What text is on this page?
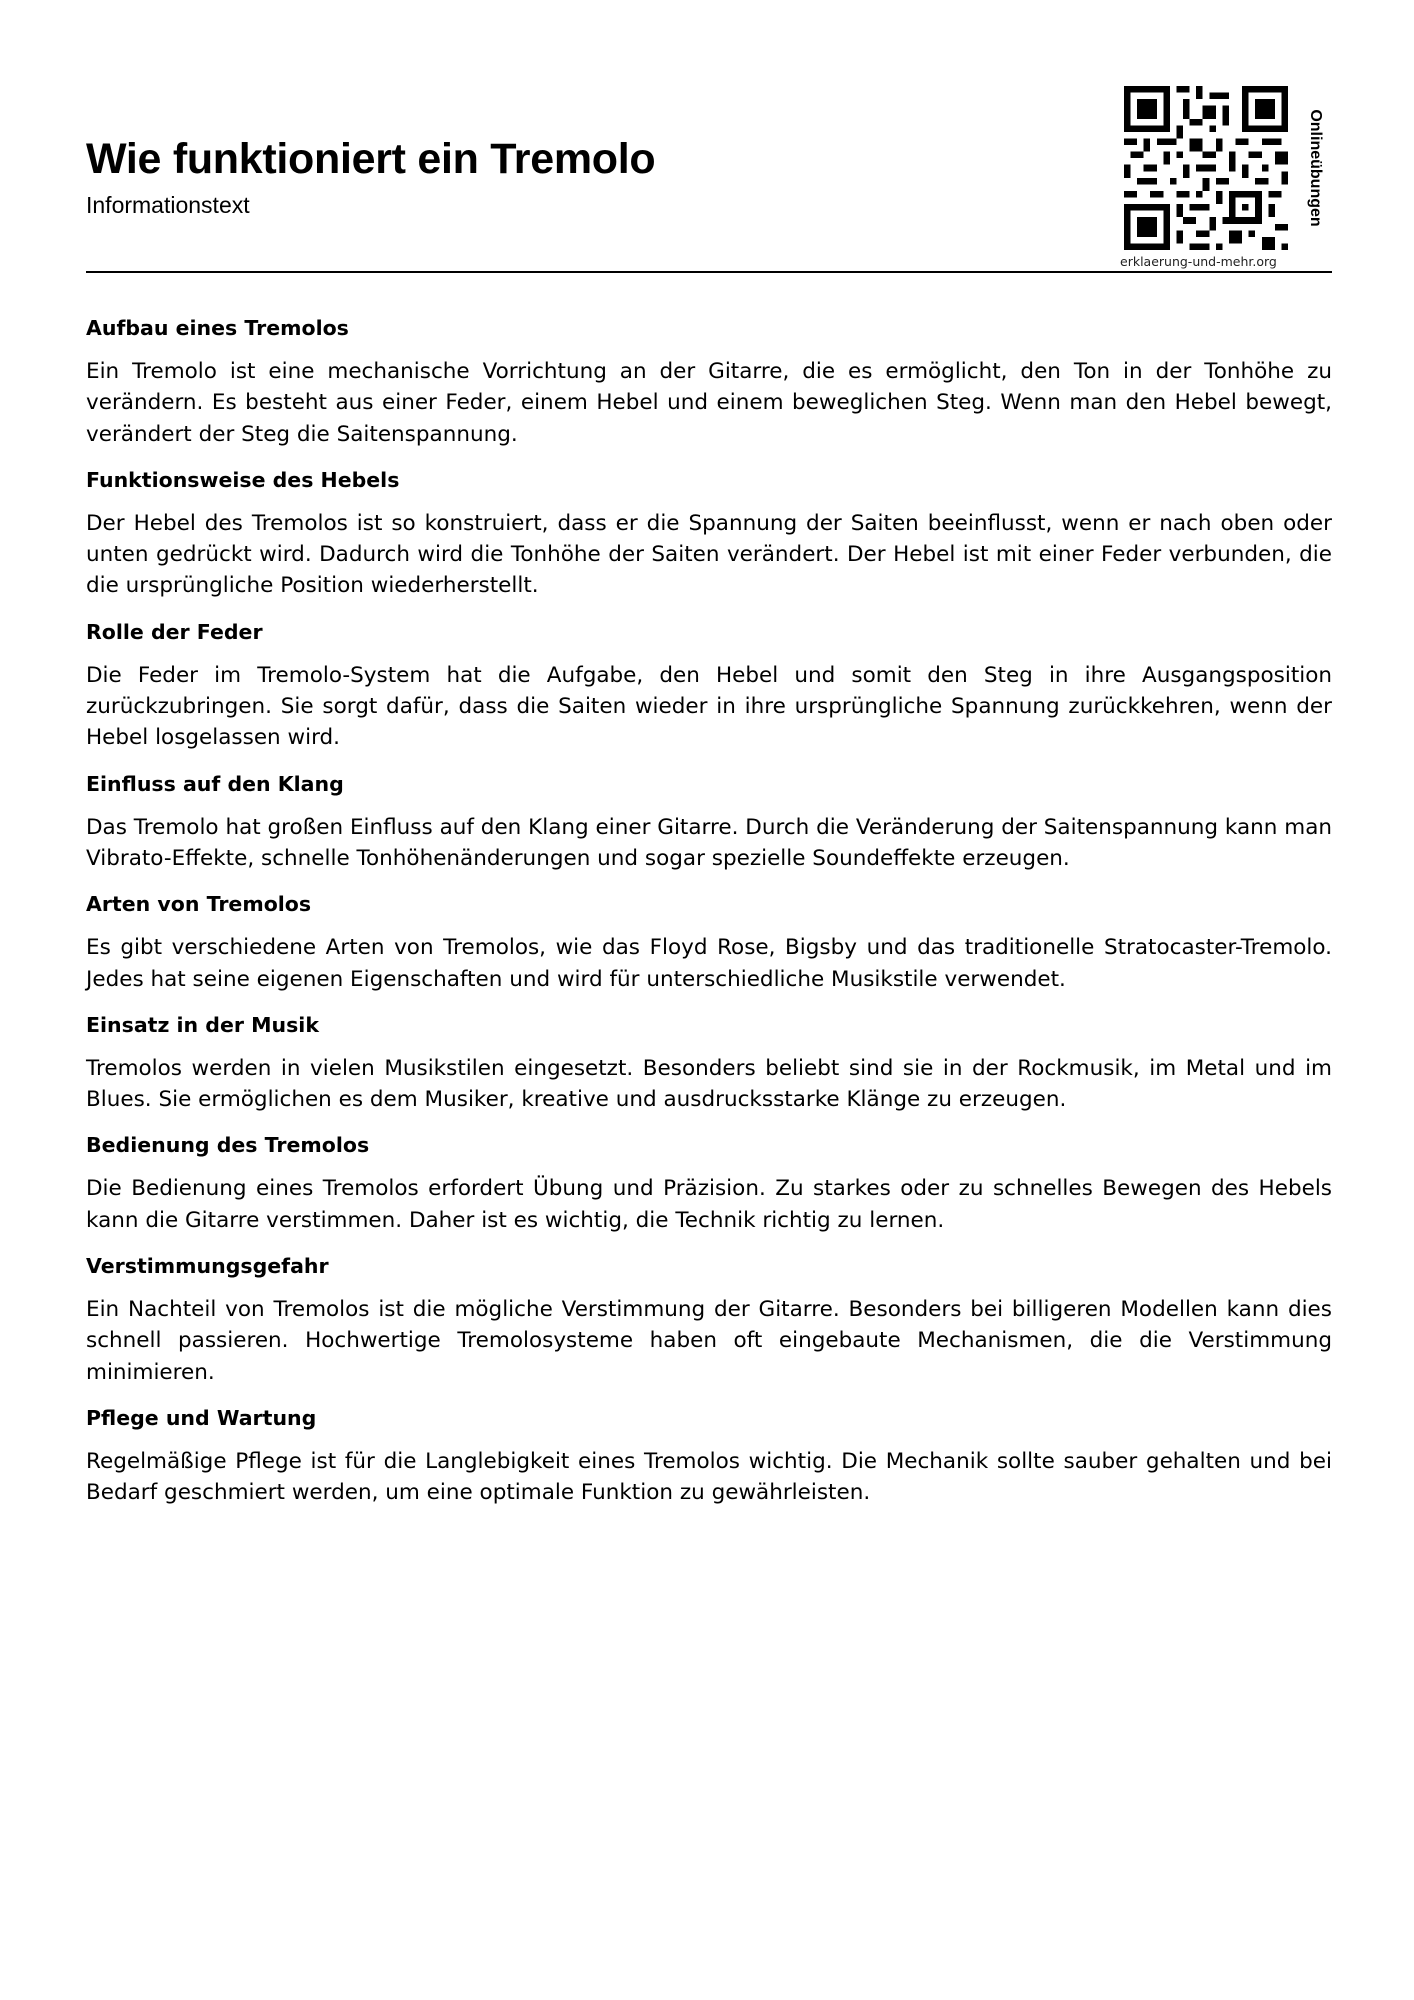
Wie funktioniert ein Tremolo
Informationstext	Onlineübungen
erklaerung-und-mehr.org
Aufbau eines Tremolos

Ein Tremolo ist eine mechanische Vorrichtung an der Gitarre, die es ermöglicht, den Ton in der Tonhöhe zu verändern. Es besteht aus einer Feder, einem Hebel und einem beweglichen Steg. Wenn man den Hebel bewegt, verändert der Steg die Saitenspannung.

Funktionsweise des Hebels

Der Hebel des Tremolos ist so konstruiert, dass er die Spannung der Saiten beeinflusst, wenn er nach oben oder unten gedrückt wird. Dadurch wird die Tonhöhe der Saiten verändert. Der Hebel ist mit einer Feder verbunden, die die ursprüngliche Position wiederherstellt.

Rolle der Feder

Die Feder im Tremolo-System hat die Aufgabe, den Hebel und somit den Steg in ihre Ausgangsposition zurückzubringen. Sie sorgt dafür, dass die Saiten wieder in ihre ursprüngliche Spannung zurückkehren, wenn der Hebel losgelassen wird.

Einfluss auf den Klang

Das Tremolo hat großen Einfluss auf den Klang einer Gitarre. Durch die Veränderung der Saitenspannung kann man Vibrato-Effekte, schnelle Tonhöhenänderungen und sogar spezielle Soundeffekte erzeugen.

Arten von Tremolos

Es gibt verschiedene Arten von Tremolos, wie das Floyd Rose, Bigsby und das traditionelle Stratocaster-Tremolo. Jedes hat seine eigenen Eigenschaften und wird für unterschiedliche Musikstile verwendet.

Einsatz in der Musik

Tremolos werden in vielen Musikstilen eingesetzt. Besonders beliebt sind sie in der Rockmusik, im Metal und im Blues. Sie ermöglichen es dem Musiker, kreative und ausdrucksstarke Klänge zu erzeugen.

Bedienung des Tremolos

Die Bedienung eines Tremolos erfordert Übung und Präzision. Zu starkes oder zu schnelles Bewegen des Hebels kann die Gitarre verstimmen. Daher ist es wichtig, die Technik richtig zu lernen.

Verstimmungsgefahr

Ein Nachteil von Tremolos ist die mögliche Verstimmung der Gitarre. Besonders bei billigeren Modellen kann dies schnell passieren. Hochwertige Tremolosysteme haben oft eingebaute Mechanismen, die die Verstimmung minimieren.

Pflege und Wartung

Regelmäßige Pflege ist für die Langlebigkeit eines Tremolos wichtig. Die Mechanik sollte sauber gehalten und bei Bedarf geschmiert werden, um eine optimale Funktion zu gewährleisten.
